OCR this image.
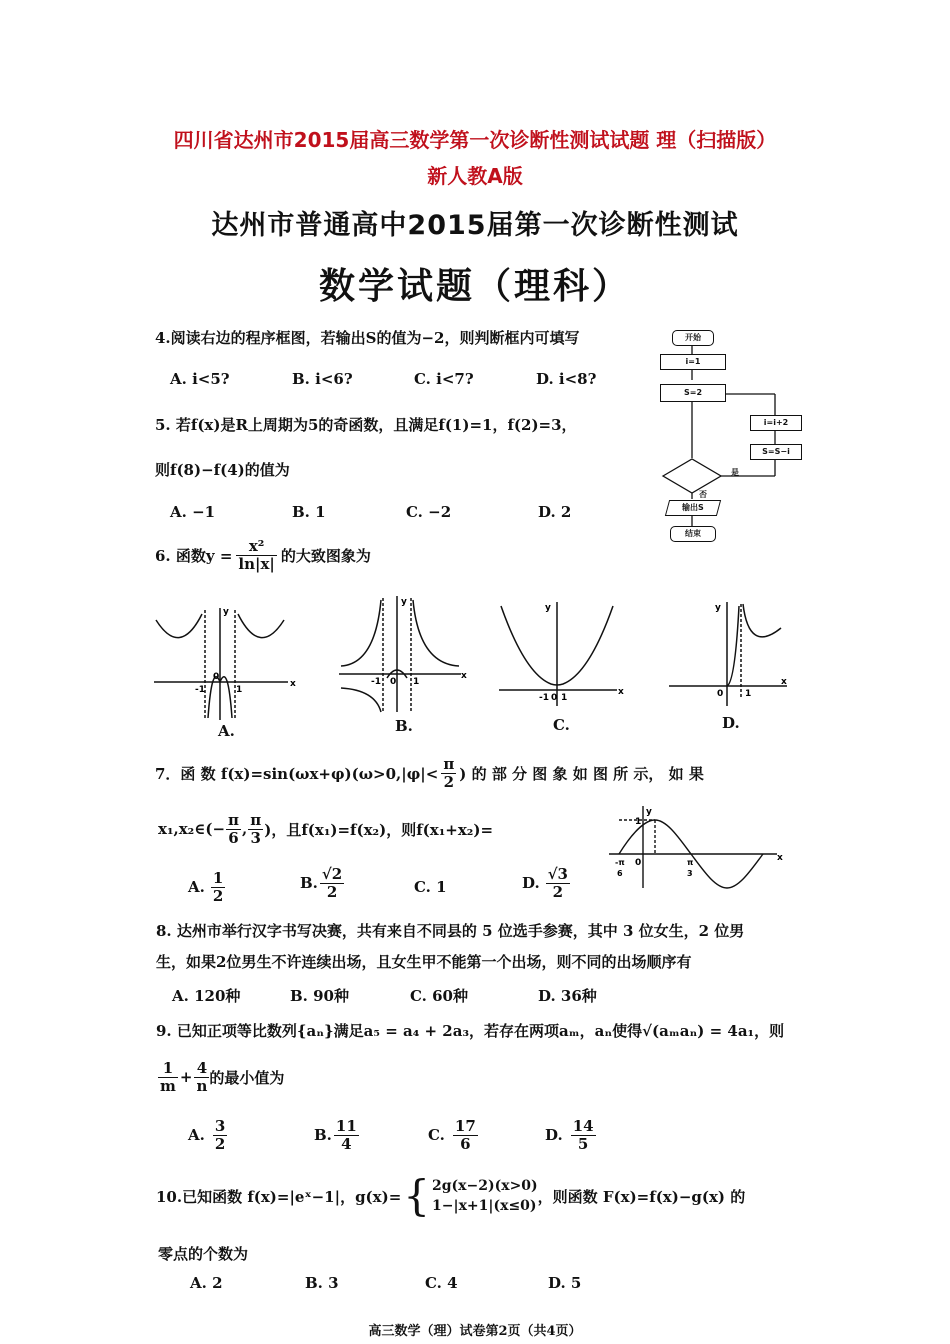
四川省达州市2015届高三数学第一次诊断性测试试题 理（扫描版）
新人教A版
达州市普通高中2015届第一次诊断性测试
数学试题（理科）
4.阅读右边的程序框图，若输出S的值为−2，则判断框内可填写
A. i<5?	B. i<6?	C. i<7?	D. i<8?
开始
i=1
S=2
i=i+2
S=S−i
是
否
输出S
结束
5. 若f(x)是R上周期为5的奇函数，且满足f(1)=1，f(2)=3，
则f(8)−f(4)的值为
A. −1	B. 1	C. −2	D. 2
6. 函数$y = \frac{\text{x²}}{\ln|x|}$ 的大致图象为
x
y
-1
0
1
A.
x
y
-1 0 1
B.
x
y
-1 0 1
C.
x
y
0 1
D.
7．函 数 $f(x)=\sin(\omega x+\varphi)(\omega>0,|\varphi|< \frac{\pi}{2}$ ) 的 部 分 图 象 如 图 所 示， 如 果
x₁,x₂∈(− $\frac{\pi}{6}$ , $\frac{\pi}{3}$ )，且f(x₁)=f(x₂)，则f(x₁+x₂)=
x
y
1
0
-π
6
π
3
A. $\frac{1}{2}$	B. $\frac{√2}{2}$	C. 1	D. $\frac{√3}{2}$
8. 达州市举行汉字书写决赛，共有来自不同县的 5 位选手参赛，其中 3 位女生，2 位男
生，如果2位男生不许连续出场，且女生甲不能第一个出场，则不同的出场顺序有
A. 120种	B. 90种	C. 60种	D. 36种
9. 已知正项等比数列{aₙ}满足a₅ = a₄ + 2a₃，若存在两项aₘ，aₙ使得√(aₘaₙ) = 4a₁，则
$\frac{1}{m} + \frac{4}{n}$ 的最小值为
A. $\frac{3}{2}$	B. $\frac{11}{4}$	C. $\frac{17}{6}$	D. $\frac{14}{5}$
10.已知函数 f(x)=|eˣ−1|，g(x)= { 2g(x−2)(x>0)
1−|x+1|(x≤0)
，则函数 F(x)=f(x)−g(x) 的
零点的个数为
A. 2	B. 3	C. 4	D. 5
高三数学（理）试卷第2页（共4页）
